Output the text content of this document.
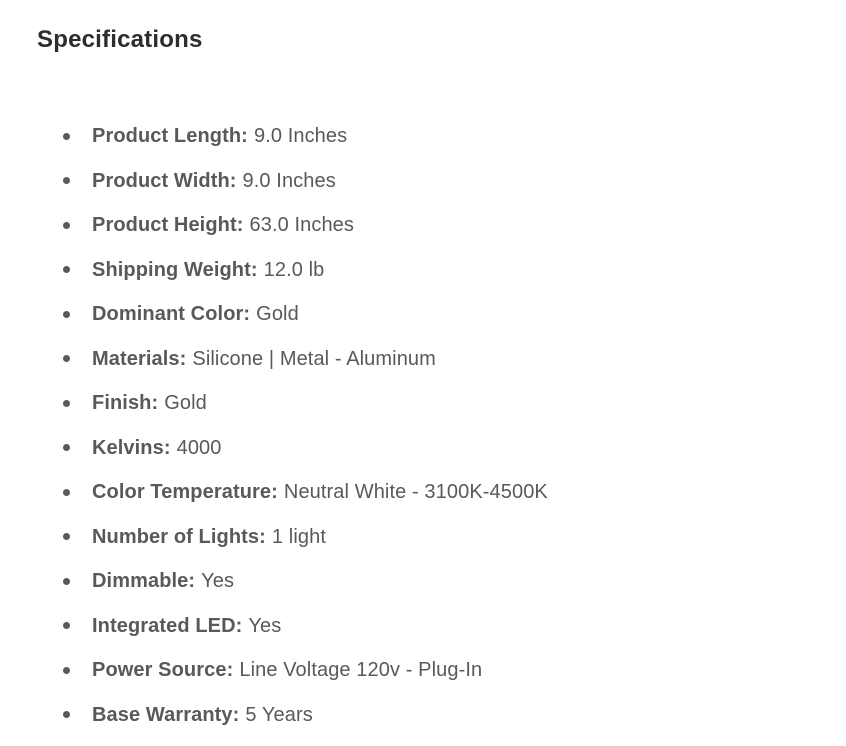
Specifications
Product Length: 9.0 Inches
Product Width: 9.0 Inches
Product Height: 63.0 Inches
Shipping Weight: 12.0 lb
Dominant Color: Gold
Materials: Silicone | Metal - Aluminum
Finish: Gold
Kelvins: 4000
Color Temperature: Neutral White - 3100K-4500K
Number of Lights: 1 light
Dimmable: Yes
Integrated LED: Yes
Power Source: Line Voltage 120v - Plug-In
Base Warranty: 5 Years
